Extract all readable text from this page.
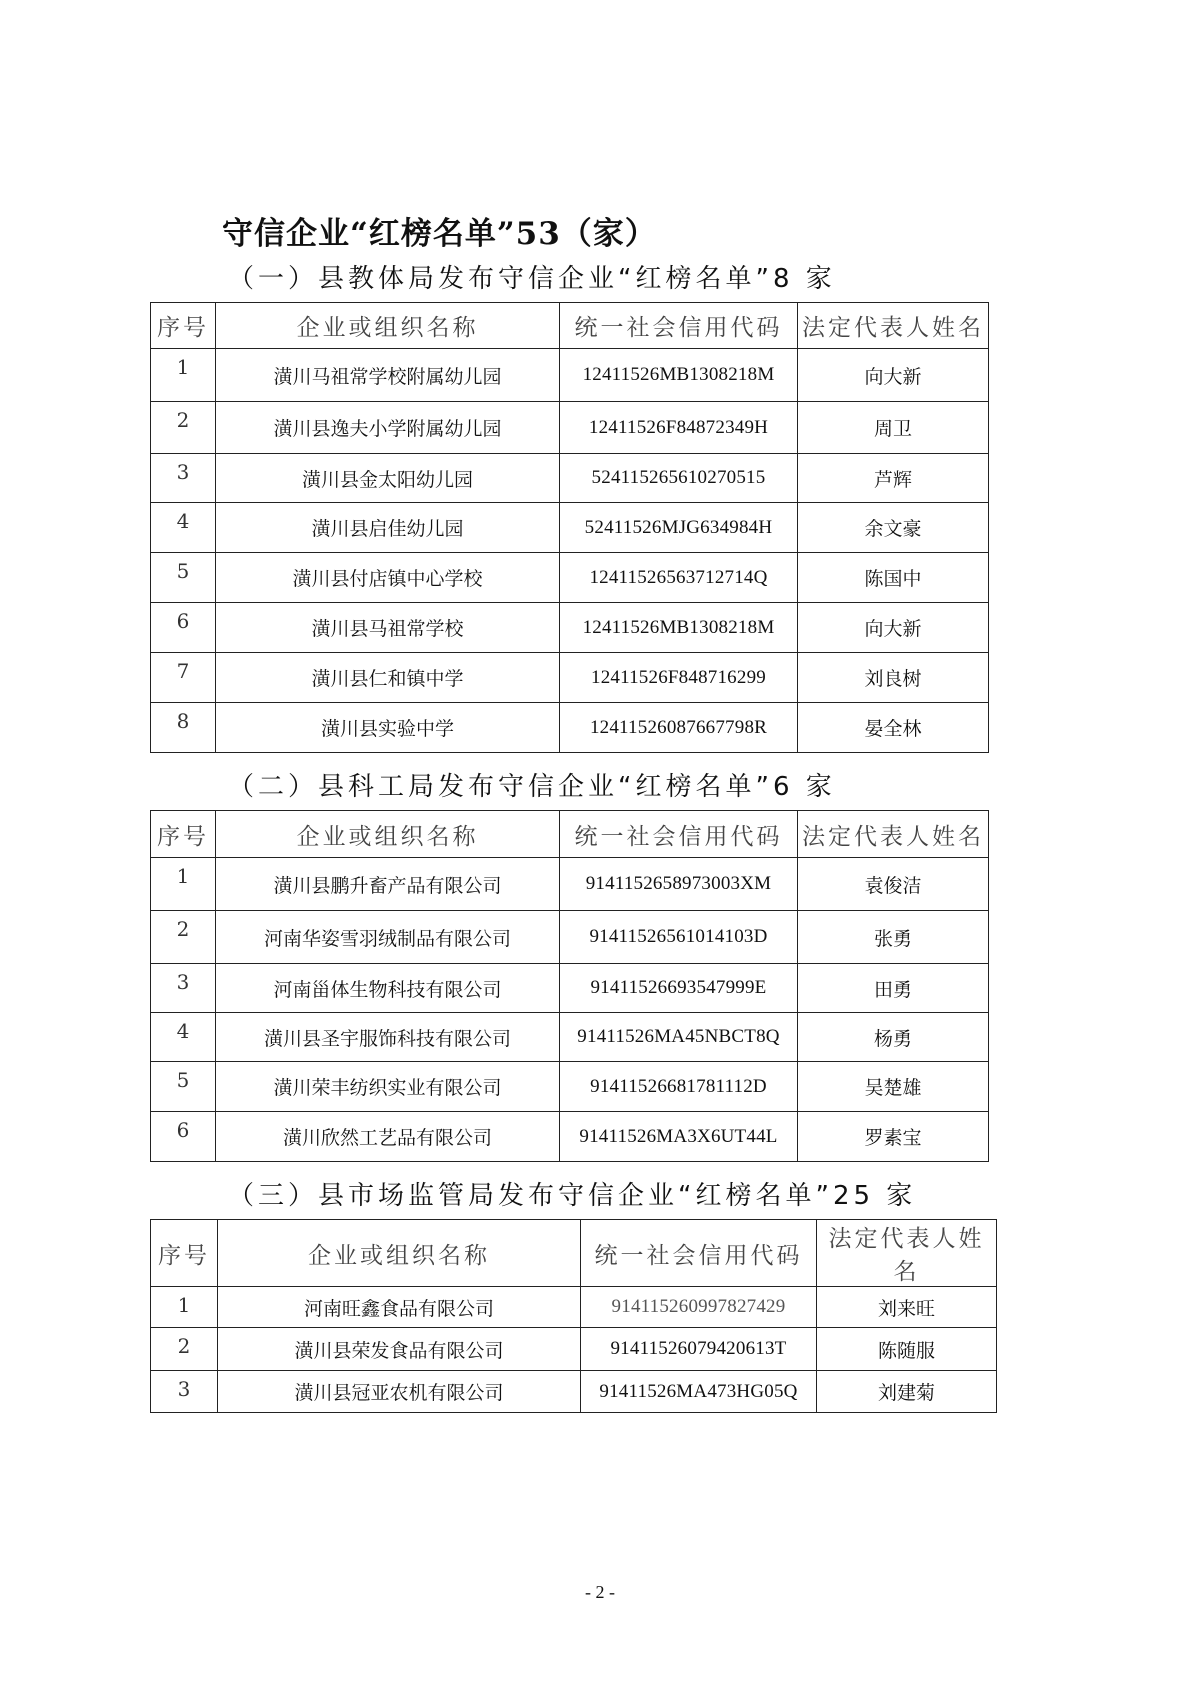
守信企业“红榜名单”53（家）
（一）县教体局发布守信企业“红榜名单”8 家
序号	企业或组织名称	统一社会信用代码	法定代表人姓名
1	潢川马祖常学校附属幼儿园	12411526MB1308218M	向大新
2	潢川县逸夫小学附属幼儿园	12411526F84872349H	周卫
3	潢川县金太阳幼儿园	524115265610270515	芦辉
4	潢川县启佳幼儿园	52411526MJG634984H	余文豪
5	潢川县付店镇中心学校	12411526563712714Q	陈国中
6	潢川县马祖常学校	12411526MB1308218M	向大新
7	潢川县仁和镇中学	12411526F848716299	刘良树
8	潢川县实验中学	1241152608766779​8R	晏全林
（二）县科工局发布守信企业“红榜名单”6 家
序号	企业或组织名称	统一社会信用代码	法定代表人姓名
1	潢川县鹏升畜产品有限公司	9141152658973003XM	袁俊洁
2	河南华姿雪羽绒制品有限公司	91411526561014103D	张勇
3	河南甾体生物科技有限公司	91411526693547999E	田勇
4	潢川县圣宇服饰科技有限公司	91411526MA45NBCT8Q	杨勇
5	潢川荣丰纺织实业有限公司	91411526681781112D	吴楚雄
6	潢川欣然工艺品有限公司	91411526MA3X6UT44L	罗素宝
（三）县市场监管局发布守信企业“红榜名单”25 家
序号	企业或组织名称	统一社会信用代码	法定代表人姓名
1	河南旺鑫食品有限公司	914115260997827429	刘来旺
2	潢川县荣发食品有限公司	91411526079420613T	陈随服
3	潢川县冠亚农机有限公司	91411526MA473HG05Q	刘建菊
- 2 -
